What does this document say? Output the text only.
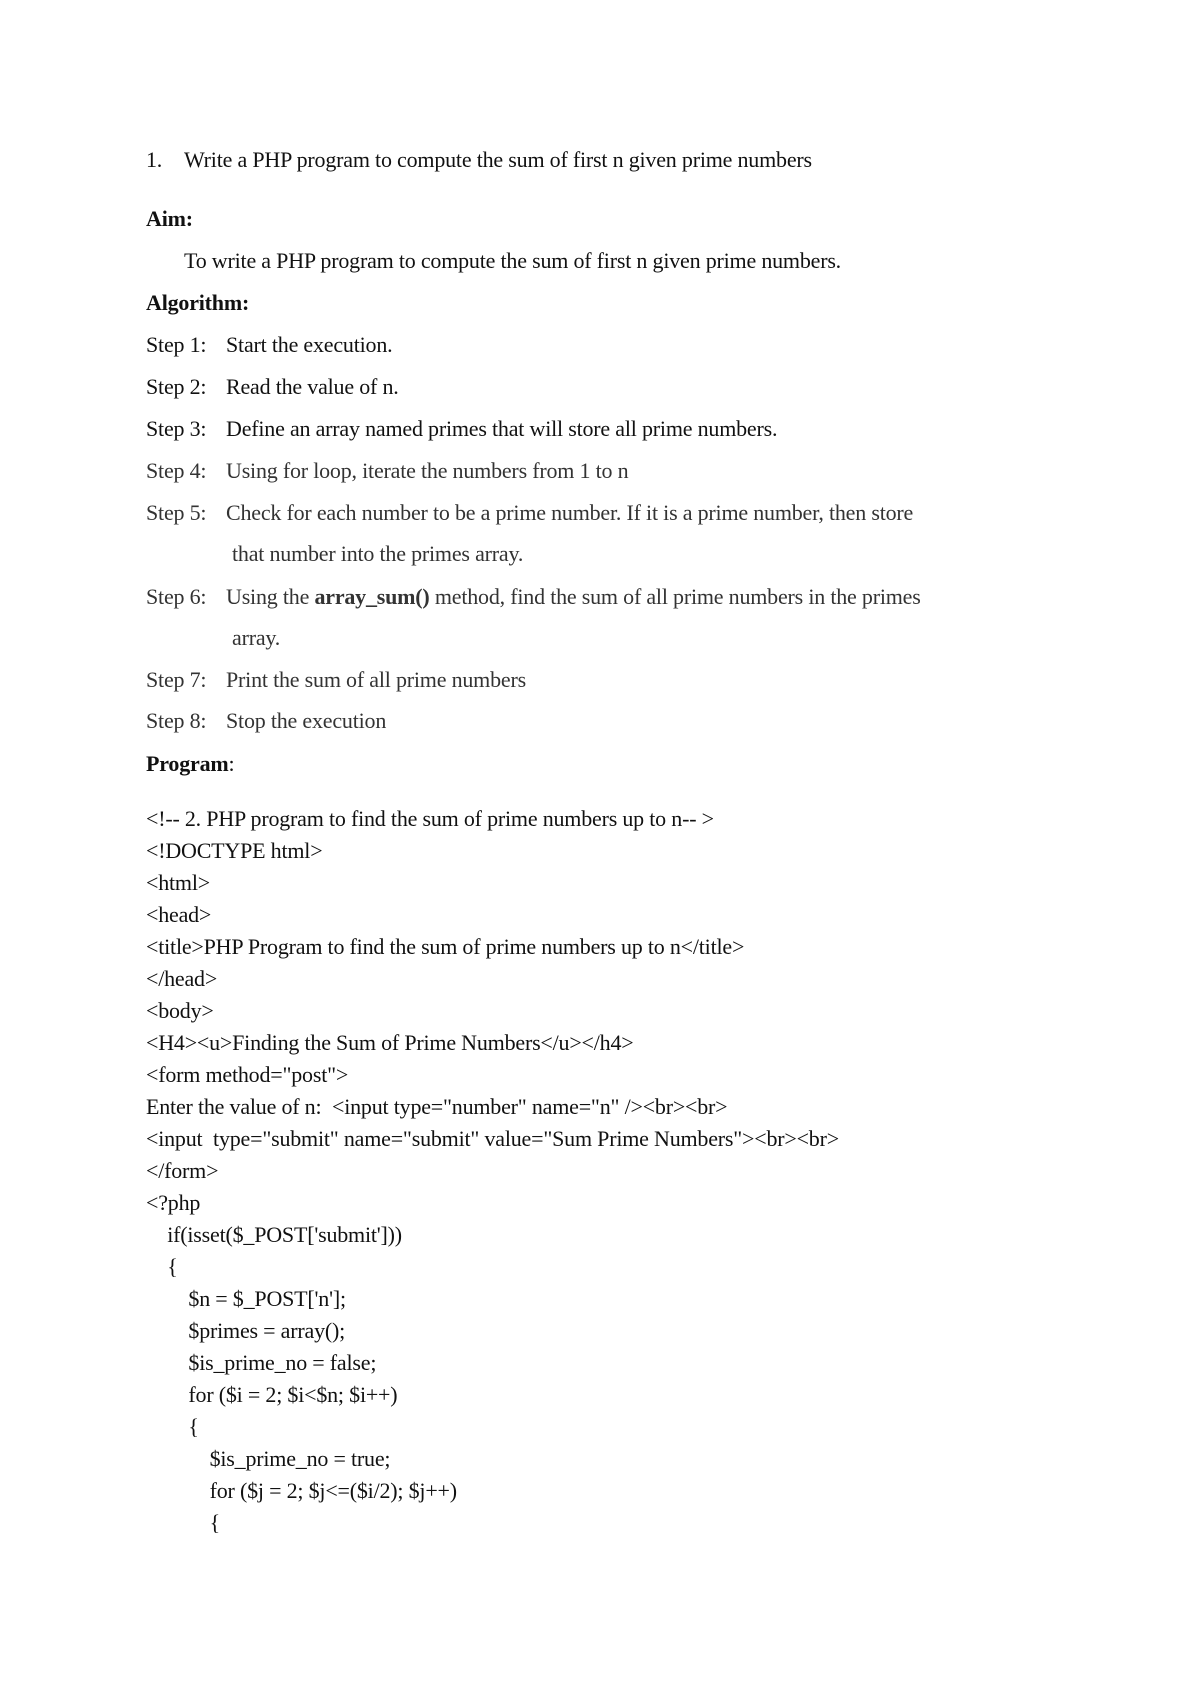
1. Write a PHP program to compute the sum of first n given prime numbers
Aim:
To write a PHP program to compute the sum of first n given prime numbers.
Algorithm:
Step 1: Start the execution.
Step 2: Read the value of n.
Step 3: Define an array named primes that will store all prime numbers.
Step 4: Using for loop, iterate the numbers from 1 to n
Step 5: Check for each number to be a prime number. If it is a prime number, then store
that number into the primes array.
Step 6: Using the array_sum() method, find the sum of all prime numbers in the primes
array.
Step 7: Print the sum of all prime numbers
Step 8: Stop the execution
Program:
<!-- 2. PHP program to find the sum of prime numbers up to n-- >
<!DOCTYPE html>
<html>
<head>
<title>PHP Program to find the sum of prime numbers up to n</title>
</head>
<body>
<H4><u>Finding the Sum of Prime Numbers</u></h4>
<form method="post">
Enter the value of n:  <input type="number" name="n" /><br><br>
<input  type="submit" name="submit" value="Sum Prime Numbers"><br><br>
</form>
<?php
if(isset($_POST['submit']))
{
$n = $_POST['n'];
$primes = array();
$is_prime_no = false;
for ($i = 2; $i<$n; $i++)
{
$is_prime_no = true;
for ($j = 2; $j<=($i/2); $j++)
{
